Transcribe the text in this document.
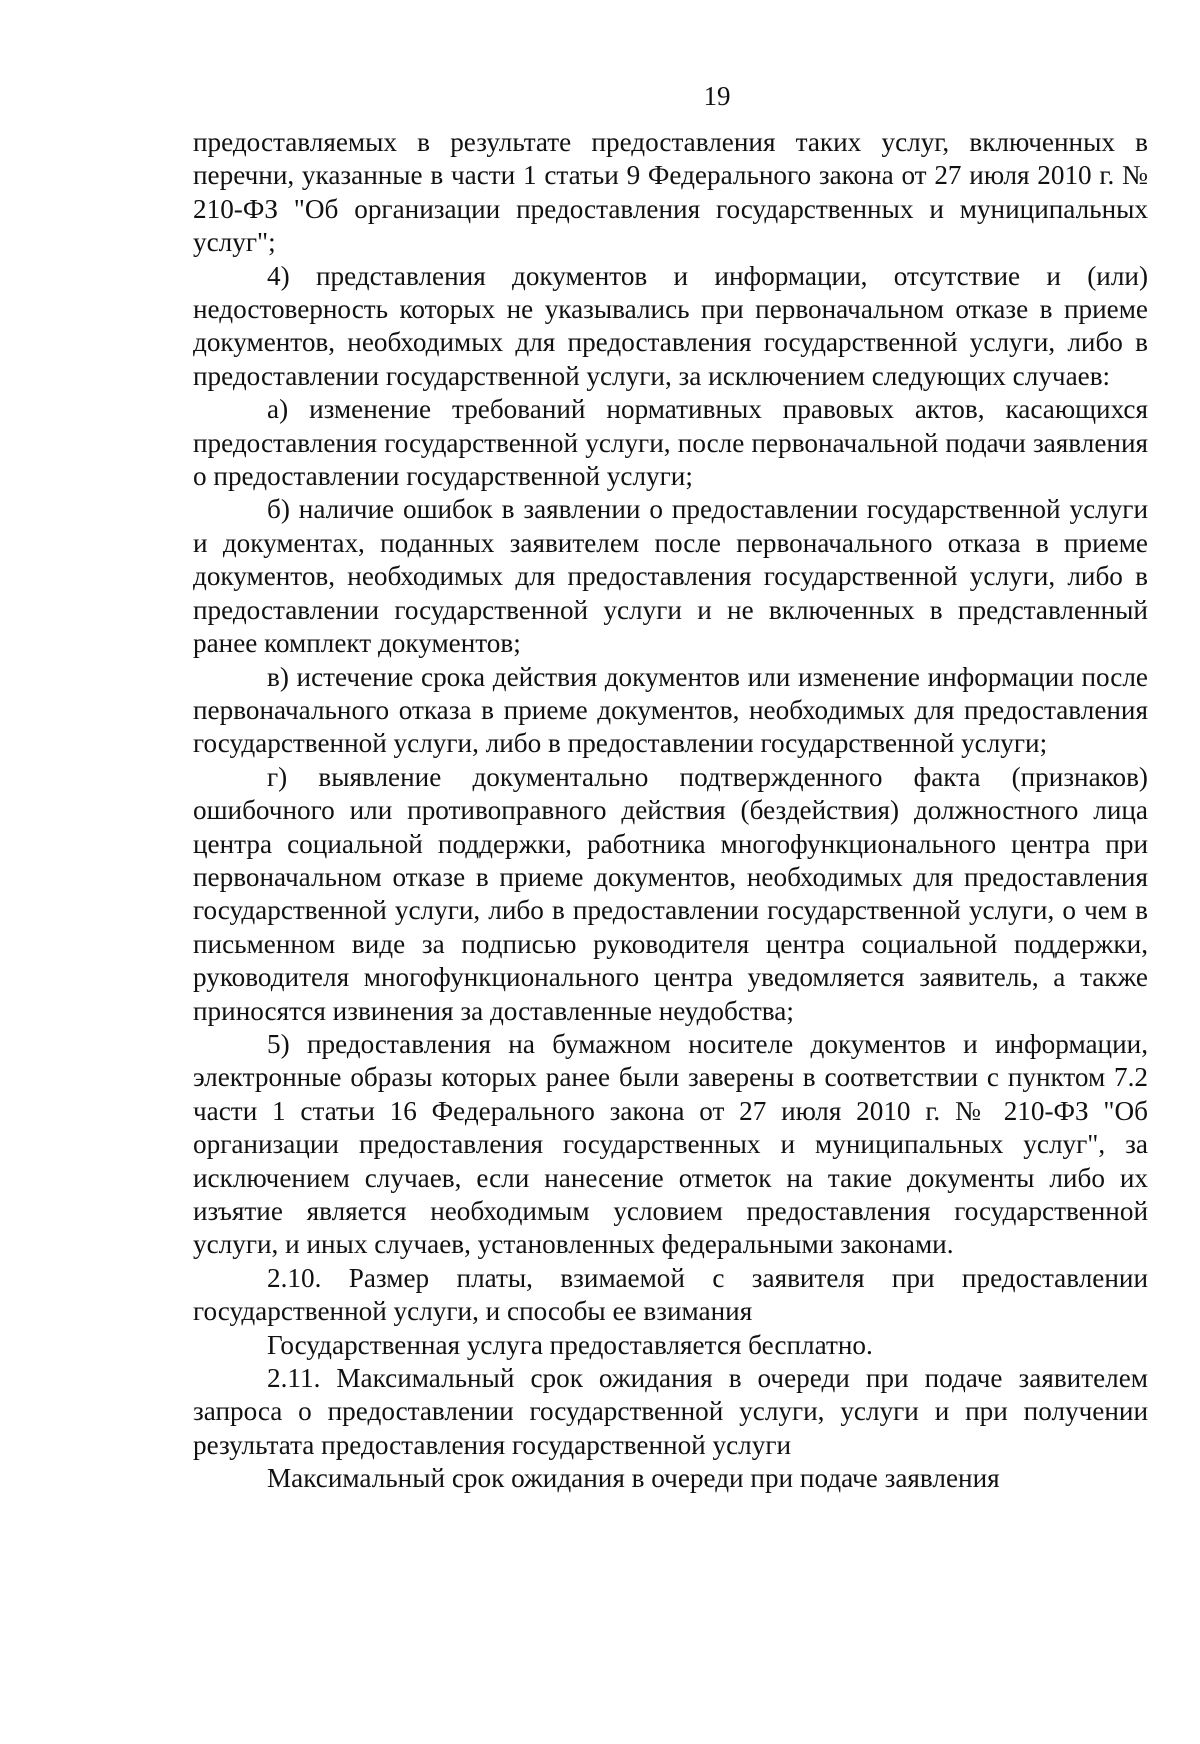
19

предоставляемых в результате предоставления таких услуг, включенных в перечни, указанные в части 1 статьи 9 Федерального закона от 27 июля 2010 г. № 210-ФЗ "Об организации предоставления государственных и муниципальных услуг";

4) представления документов и информации, отсутствие и (или) недостоверность которых не указывались при первоначальном отказе в приеме документов, необходимых для предоставления государственной услуги, либо в предоставлении государственной услуги, за исключением следующих случаев:

а) изменение требований нормативных правовых актов, касающихся предоставления государственной услуги, после первоначальной подачи заявления о предоставлении государственной услуги;

б) наличие ошибок в заявлении о предоставлении государственной услуги и документах, поданных заявителем после первоначального отказа в приеме документов, необходимых для предоставления государственной услуги, либо в предоставлении государственной услуги и не включенных в представленный ранее комплект документов;

в) истечение срока действия документов или изменение информации после первоначального отказа в приеме документов, необходимых для предоставления государственной услуги, либо в предоставлении государственной услуги;

г) выявление документально подтвержденного факта (признаков) ошибочного или противоправного действия (бездействия) должностного лица центра социальной поддержки, работника многофункционального центра при первоначальном отказе в приеме документов, необходимых для предоставления государственной услуги, либо в предоставлении государственной услуги, о чем в письменном виде за подписью руководителя центра социальной поддержки, руководителя многофункционального центра уведомляется заявитель, а также приносятся извинения за доставленные неудобства;

5) предоставления на бумажном носителе документов и информации, электронные образы которых ранее были заверены в соответствии с пунктом 7.2 части 1 статьи 16 Федерального закона от 27 июля 2010 г. № 210-ФЗ "Об организации предоставления государственных и муниципальных услуг", за исключением случаев, если нанесение отметок на такие документы либо их изъятие является необходимым условием предоставления государственной услуги, и иных случаев, установленных федеральными законами.

2.10. Размер платы, взимаемой с заявителя при предоставлении государственной услуги, и способы ее взимания

Государственная услуга предоставляется бесплатно.

2.11. Максимальный срок ожидания в очереди при подаче заявителем запроса о предоставлении государственной услуги, услуги и при получении результата предоставления государственной услуги

Максимальный срок ожидания в очереди при подаче заявления
